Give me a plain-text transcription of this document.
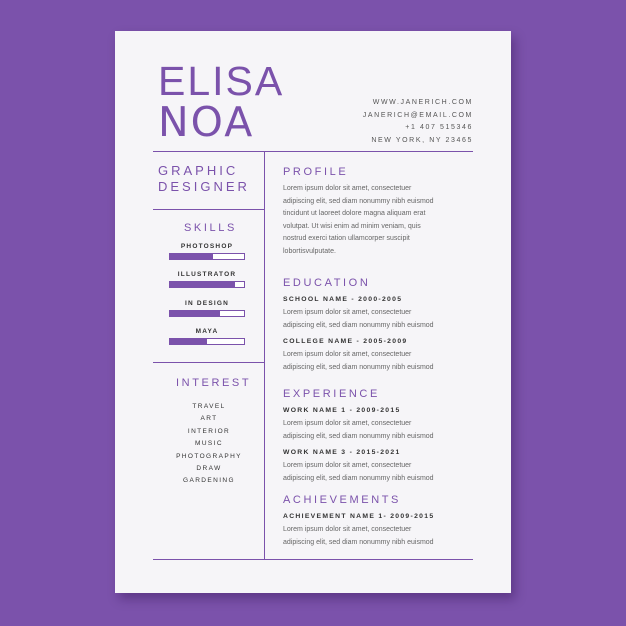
ELISA
NOA	WWW.JANERICH.COM
JANERICH@EMAIL.COM
+1 407 515346
NEW YORK, NY 23465
GRAPHIC
DESIGNER
SKILLS
PHOTOSHOP
ILLUSTRATOR
IN DESIGN
MAYA
INTEREST
TRAVEL
ART
INTERIOR
MUSIC
PHOTOGRAPHY
DRAW
GARDENING
PROFILE
Lorem ipsum dolor sit amet, consectetuer
adipiscing elit, sed diam nonummy nibh euismod
tincidunt ut laoreet dolore magna aliquam erat
volutpat. Ut wisi enim ad minim veniam, quis
nostrud exerci tation ullamcorper suscipit
lobortisvulputate.
EDUCATION
SCHOOL NAME - 2000-2005
Lorem ipsum dolor sit amet, consectetuer
adipiscing elit, sed diam nonummy nibh euismod
COLLEGE NAME - 2005-2009
Lorem ipsum dolor sit amet, consectetuer
adipiscing elit, sed diam nonummy nibh euismod
EXPERIENCE
WORK NAME 1 - 2009-2015
Lorem ipsum dolor sit amet, consectetuer
adipiscing elit, sed diam nonummy nibh euismod
WORK NAME 3 - 2015-2021
Lorem ipsum dolor sit amet, consectetuer
adipiscing elit, sed diam nonummy nibh euismod
ACHIEVEMENTS
ACHIEVEMENT NAME 1- 2009-2015
Lorem ipsum dolor sit amet, consectetuer
adipiscing elit, sed diam nonummy nibh euismod
